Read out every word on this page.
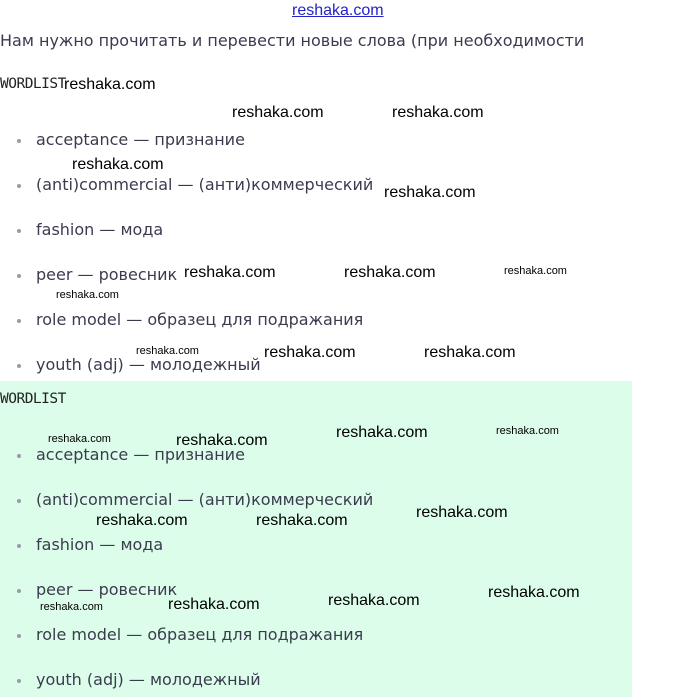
reshaka.com
Нам нужно прочитать и перевести новые слова (при необходимости
WORDLIST
acceptance — признание
(anti)commercial — (анти)коммерческий
fashion — мода
peer — ровесник
role model — образец для подражания
youth (adj) — молодежный
WORDLIST
acceptance — признание
(anti)commercial — (анти)коммерческий
fashion — мода
peer — ровесник
role model — образец для подражания
youth (adj) — молодежный
reshaka.com
reshaka.com	reshaka.com
reshaka.com
reshaka.com
reshaka.com	reshaka.com	reshaka.com
reshaka.com
reshaka.com	reshaka.com	reshaka.com
reshaka.com	reshaka.com	reshaka.com	reshaka.com
reshaka.com	reshaka.com	reshaka.com
reshaka.com	reshaka.com	reshaka.com	reshaka.com
